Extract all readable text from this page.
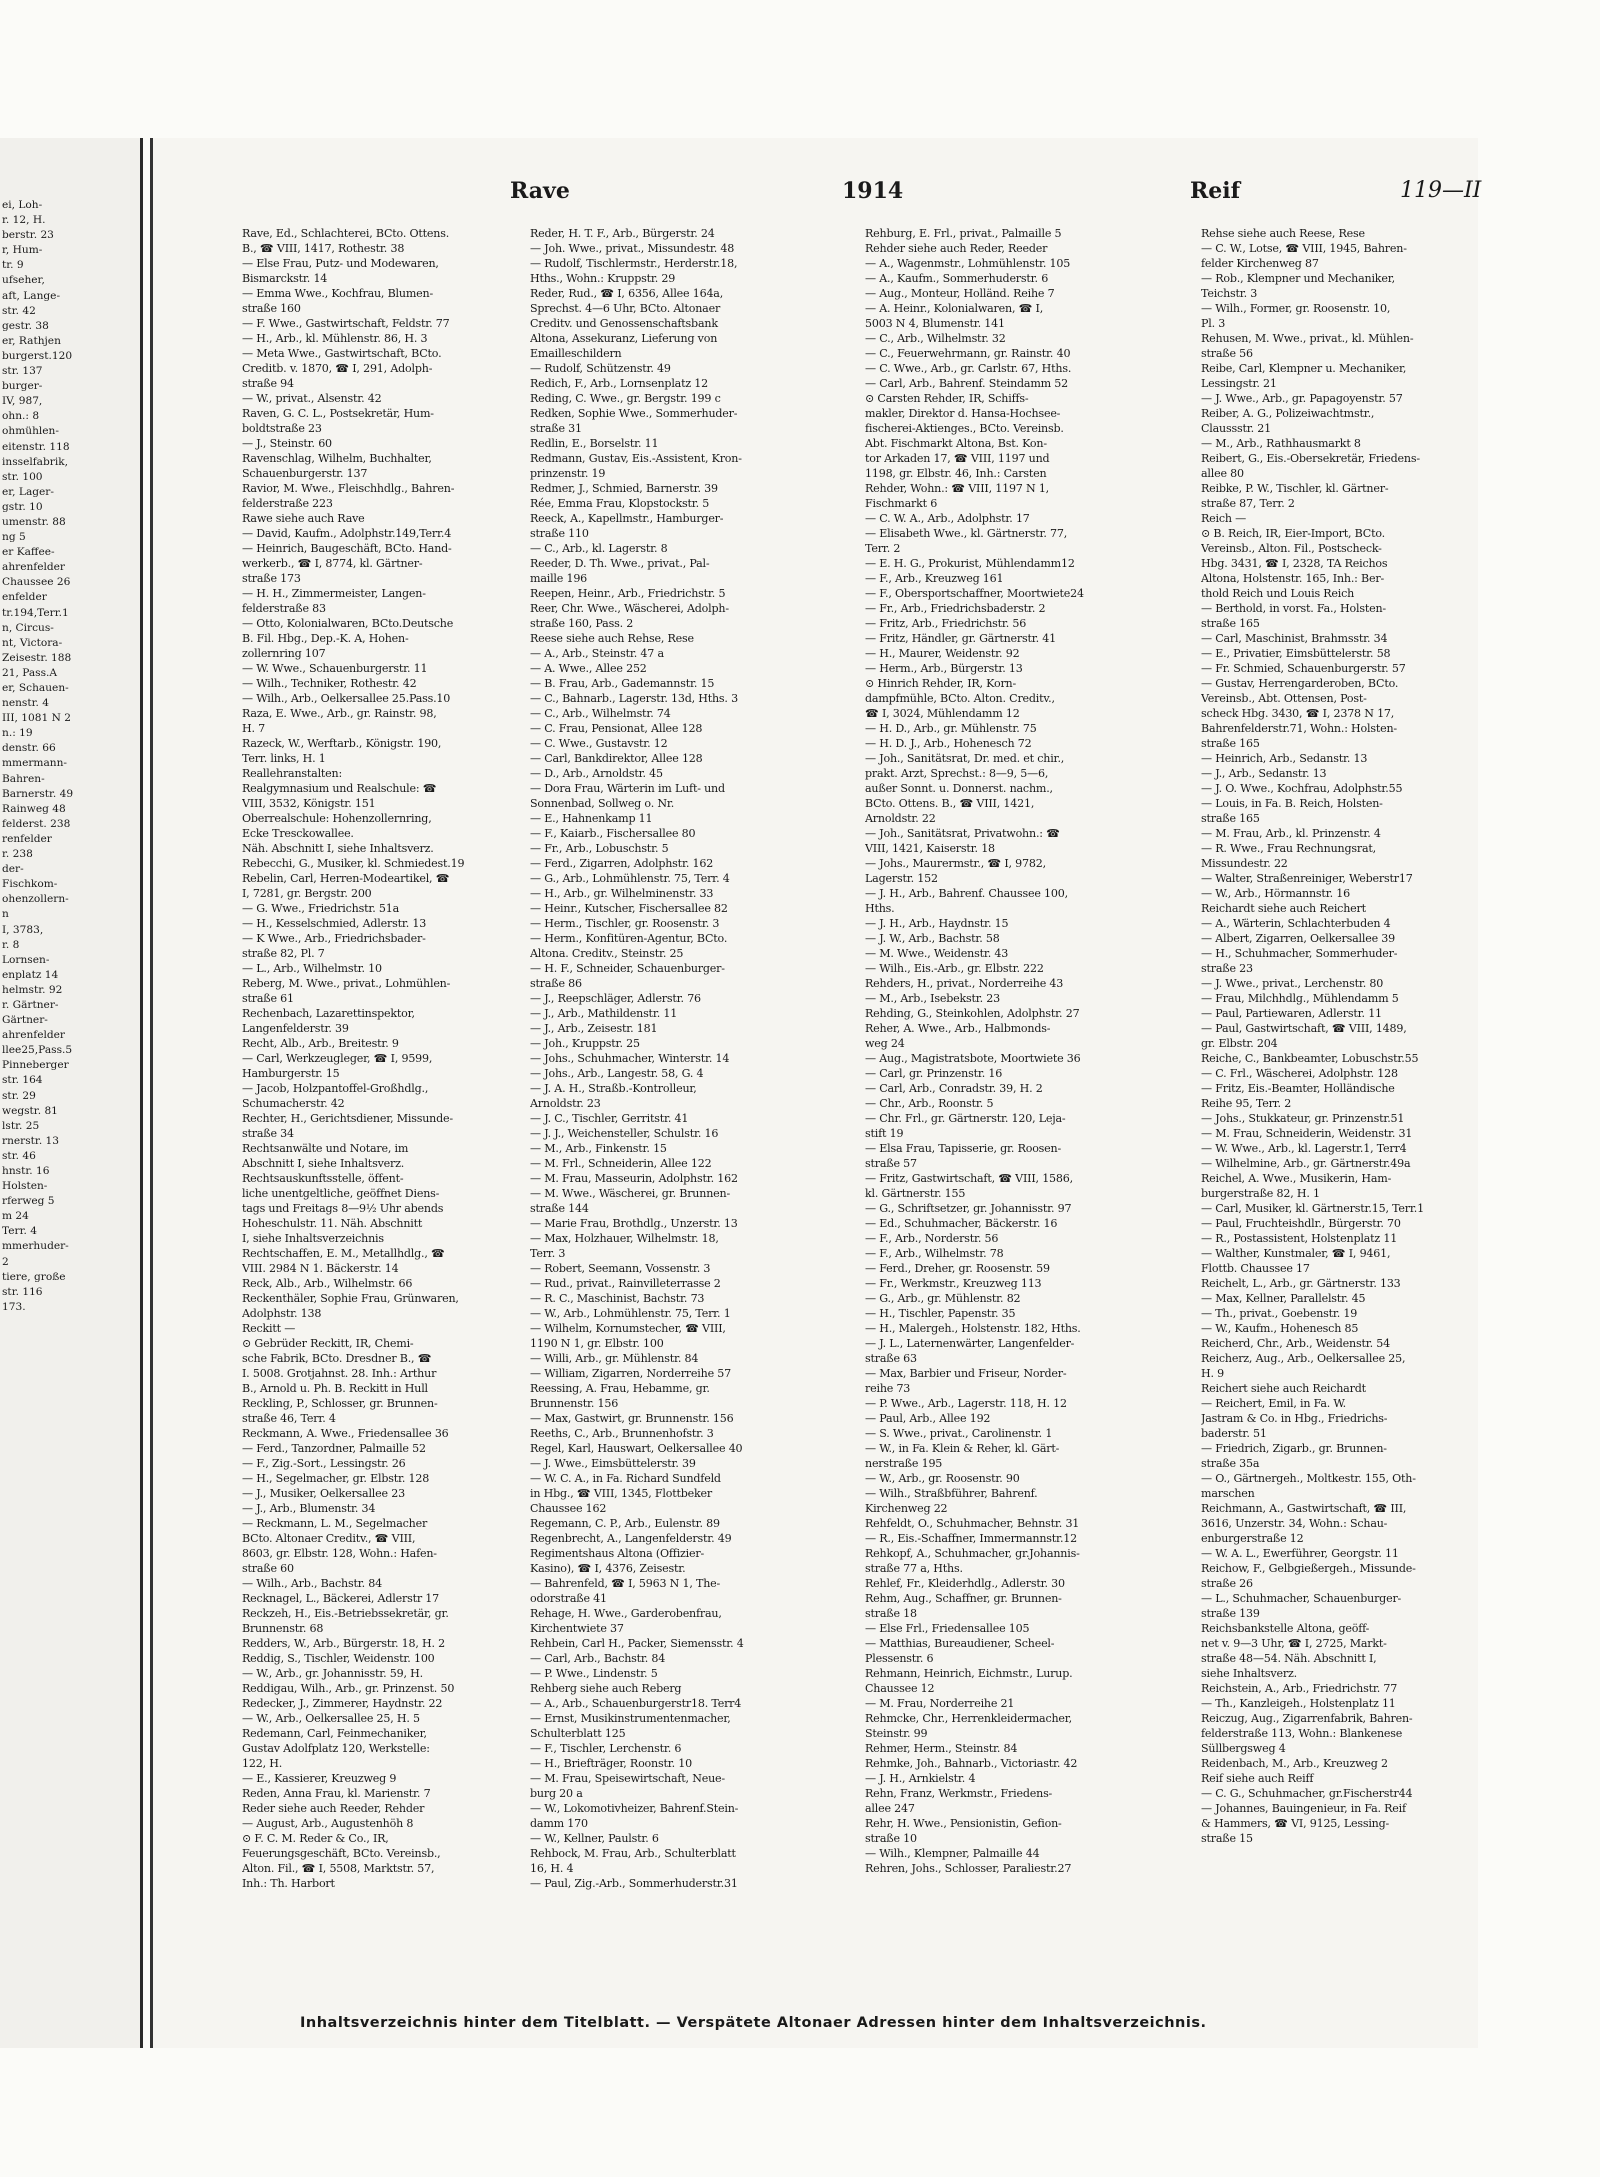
ei, Loh-
r. 12, H.
berstr. 23
r, Hum-
tr. 9
ufseher,
aft, Lange-
str. 42
gestr. 38
er, Rathjen
burgerst.120
str. 137
burger-
IV, 987,
ohn.: 8
ohmühlen-
eitenstr. 118
insselfabrik,
str. 100
er, Lager-
gstr. 10
umenstr. 88
ng 5
er Kaffee-
ahrenfelder
Chaussee 26
enfelder
tr.194,Terr.1
n, Circus-
nt, Victora-
Zeisestr. 188
21, Pass.A
er, Schauen-
nenstr. 4
III, 1081 N 2
n.: 19
denstr. 66
mmermann-
Bahren-
Barnerstr. 49
Rainweg 48
felderst. 238
renfelder
r. 238
der-
Fischkom-
ohenzollern-
n
I, 3783,
r. 8
Lornsen-
enplatz 14
helmstr. 92
r. Gärtner-
Gärtner-
ahrenfelder
llee25,Pass.5
Pinneberger
str. 164
str. 29
wegstr. 81
lstr. 25
rnerstr. 13
str. 46
hnstr. 16
Holsten-
rferweg 5
m 24
Terr. 4
mmerhuder-
2
tiere, große
str. 116
173.
Rave	1914	Reif	119—II
Rave, Ed., Schlachterei, BCto. Ottens.
B., ☎ VIII, 1417, Rothestr. 38
— Else Frau, Putz- und Modewaren,
Bismarckstr. 14
— Emma Wwe., Kochfrau, Blumen-
straße 160
— F. Wwe., Gastwirtschaft, Feldstr. 77
— H., Arb., kl. Mühlenstr. 86, H. 3
— Meta Wwe., Gastwirtschaft, BCto.
Creditb. v. 1870, ☎ I, 291, Adolph-
straße 94
— W., privat., Alsenstr. 42
Raven, G. C. L., Postsekretär, Hum-
boldtstraße 23
— J., Steinstr. 60
Ravenschlag, Wilhelm, Buchhalter,
Schauenburgerstr. 137
Ravior, M. Wwe., Fleischhdlg., Bahren-
felderstraße 223
Rawe siehe auch Rave
— David, Kaufm., Adolphstr.149,Terr.4
— Heinrich, Baugeschäft, BCto. Hand-
werkerb., ☎ I, 8774, kl. Gärtner-
straße 173
— H. H., Zimmermeister, Langen-
felderstraße 83
— Otto, Kolonialwaren, BCto.Deutsche
B. Fil. Hbg., Dep.-K. A, Hohen-
zollernring 107
— W. Wwe., Schauenburgerstr. 11
— Wilh., Techniker, Rothestr. 42
— Wilh., Arb., Oelkersallee 25.Pass.10
Raza, E. Wwe., Arb., gr. Rainstr. 98,
H. 7
Razeck, W., Werftarb., Königstr. 190,
Terr. links, H. 1
Reallehranstalten:
Realgymnasium und Realschule: ☎
VIII, 3532, Königstr. 151
Oberrealschule: Hohenzollernring,
Ecke Tresckowallee.
Näh. Abschnitt I, siehe Inhaltsverz.
Rebecchi, G., Musiker, kl. Schmiedest.19
Rebelin, Carl, Herren-Modeartikel, ☎
I, 7281, gr. Bergstr. 200
— G. Wwe., Friedrichstr. 51a
— H., Kesselschmied, Adlerstr. 13
— K Wwe., Arb., Friedrichsbader-
straße 82, Pl. 7
— L., Arb., Wilhelmstr. 10
Reberg, M. Wwe., privat., Lohmühlen-
straße 61
Rechenbach, Lazarettinspektor,
Langenfelderstr. 39
Recht, Alb., Arb., Breitestr. 9
— Carl, Werkzeugleger, ☎ I, 9599,
Hamburgerstr. 15
— Jacob, Holzpantoffel-Großhdlg.,
Schumacherstr. 42
Rechter, H., Gerichtsdiener, Missunde-
straße 34
Rechtsanwälte und Notare, im
Abschnitt I, siehe Inhaltsverz.
Rechtsauskunftsstelle, öffent-
liche unentgeltliche, geöffnet Diens-
tags und Freitags 8—9½ Uhr abends
Hoheschulstr. 11. Näh. Abschnitt
I, siehe Inhaltsverzeichnis
Rechtschaffen, E. M., Metallhdlg., ☎
VIII. 2984 N 1. Bäckerstr. 14
Reck, Alb., Arb., Wilhelmstr. 66
Reckenthäler, Sophie Frau, Grünwaren,
Adolphstr. 138
Reckitt —
⊙ Gebrüder Reckitt, IR, Chemi-
sche Fabrik, BCto. Dresdner B., ☎
I. 5008. Grotjahnst. 28. Inh.: Arthur
B., Arnold u. Ph. B. Reckitt in Hull
Reckling, P., Schlosser, gr. Brunnen-
straße 46, Terr. 4
Reckmann, A. Wwe., Friedensallee 36
— Ferd., Tanzordner, Palmaille 52
— F., Zig.-Sort., Lessingstr. 26
— H., Segelmacher, gr. Elbstr. 128
— J., Musiker, Oelkersallee 23
— J., Arb., Blumenstr. 34
— Reckmann, L. M., Segelmacher
BCto. Altonaer Creditv., ☎ VIII,
8603, gr. Elbstr. 128, Wohn.: Hafen-
straße 60
— Wilh., Arb., Bachstr. 84
Recknagel, L., Bäckerei, Adlerstr 17
Reckzeh, H., Eis.-Betriebssekretär, gr.
Brunnenstr. 68
Redders, W., Arb., Bürgerstr. 18, H. 2
Reddig, S., Tischler, Weidenstr. 100
— W., Arb., gr. Johannisstr. 59, H.
Reddigau, Wilh., Arb., gr. Prinzenst. 50
Redecker, J., Zimmerer, Haydnstr. 22
— W., Arb., Oelkersallee 25, H. 5
Redemann, Carl, Feinmechaniker,
Gustav Adolfplatz 120, Werkstelle:
122, H.
— E., Kassierer, Kreuzweg 9
Reden, Anna Frau, kl. Marienstr. 7
Reder siehe auch Reeder, Rehder
— August, Arb., Augustenhöh 8
⊙ F. C. M. Reder & Co., IR,
Feuerungsgeschäft, BCto. Vereinsb.,
Alton. Fil., ☎ I, 5508, Marktstr. 57,
Inh.: Th. Harbort
Reder, H. T. F., Arb., Bürgerstr. 24
— Joh. Wwe., privat., Missundestr. 48
— Rudolf, Tischlermstr., Herderstr.18,
Hths., Wohn.: Kruppstr. 29
Reder, Rud., ☎ I, 6356, Allee 164a,
Sprechst. 4—6 Uhr, BCto. Altonaer
Creditv. und Genossenschaftsbank
Altona, Assekuranz, Lieferung von
Emailleschildern
— Rudolf, Schützenstr. 49
Redich, F., Arb., Lornsenplatz 12
Reding, C. Wwe., gr. Bergstr. 199 c
Redken, Sophie Wwe., Sommerhuder-
straße 31
Redlin, E., Borselstr. 11
Redmann, Gustav, Eis.-Assistent, Kron-
prinzenstr. 19
Redmer, J., Schmied, Barnerstr. 39
Rée, Emma Frau, Klopstockstr. 5
Reeck, A., Kapellmstr., Hamburger-
straße 110
— C., Arb., kl. Lagerstr. 8
Reeder, D. Th. Wwe., privat., Pal-
maille 196
Reepen, Heinr., Arb., Friedrichstr. 5
Reer, Chr. Wwe., Wäscherei, Adolph-
straße 160, Pass. 2
Reese siehe auch Rehse, Rese
— A., Arb., Steinstr. 47 a
— A. Wwe., Allee 252
— B. Frau, Arb., Gademannstr. 15
— C., Bahnarb., Lagerstr. 13d, Hths. 3
— C., Arb., Wilhelmstr. 74
— C. Frau, Pensionat, Allee 128
— C. Wwe., Gustavstr. 12
— Carl, Bankdirektor, Allee 128
— D., Arb., Arnoldstr. 45
— Dora Frau, Wärterin im Luft- und
Sonnenbad, Sollweg o. Nr.
— E., Hahnenkamp 11
— F., Kaiarb., Fischersallee 80
— Fr., Arb., Lobuschstr. 5
— Ferd., Zigarren, Adolphstr. 162
— G., Arb., Lohmühlenstr. 75, Terr. 4
— H., Arb., gr. Wilhelminenstr. 33
— Heinr., Kutscher, Fischersallee 82
— Herm., Tischler, gr. Roosenstr. 3
— Herm., Konfitüren-Agentur, BCto.
Altona. Creditv., Steinstr. 25
— H. F., Schneider, Schauenburger-
straße 86
— J., Reepschläger, Adlerstr. 76
— J., Arb., Mathildenstr. 11
— J., Arb., Zeisestr. 181
— Joh., Kruppstr. 25
— Johs., Schuhmacher, Winterstr. 14
— Johs., Arb., Langestr. 58, G. 4
— J. A. H., Straßb.-Kontrolleur,
Arnoldstr. 23
— J. C., Tischler, Gerritstr. 41
— J. J., Weichensteller, Schulstr. 16
— M., Arb., Finkenstr. 15
— M. Frl., Schneiderin, Allee 122
— M. Frau, Masseurin, Adolphstr. 162
— M. Wwe., Wäscherei, gr. Brunnen-
straße 144
— Marie Frau, Brothdlg., Unzerstr. 13
— Max, Holzhauer, Wilhelmstr. 18,
Terr. 3
— Robert, Seemann, Vossenstr. 3
— Rud., privat., Rainvilleterrasse 2
— R. C., Maschinist, Bachstr. 73
— W., Arb., Lohmühlenstr. 75, Terr. 1
— Wilhelm, Kornumstecher, ☎ VIII,
1190 N 1, gr. Elbstr. 100
— Willi, Arb., gr. Mühlenstr. 84
— William, Zigarren, Norderreihe 57
Reessing, A. Frau, Hebamme, gr.
Brunnenstr. 156
— Max, Gastwirt, gr. Brunnenstr. 156
Reeths, C., Arb., Brunnenhofstr. 3
Regel, Karl, Hauswart, Oelkersallee 40
— J. Wwe., Eimsbüttelerstr. 39
— W. C. A., in Fa. Richard Sundfeld
in Hbg., ☎ VIII, 1345, Flottbeker
Chaussee 162
Regemann, C. P., Arb., Eulenstr. 89
Regenbrecht, A., Langenfelderstr. 49
Regimentshaus Altona (Offizier-
Kasino), ☎ I, 4376, Zeisestr.
— Bahrenfeld, ☎ I, 5963 N 1, The-
odorstraße 41
Rehage, H. Wwe., Garderobenfrau,
Kirchentwiete 37
Rehbein, Carl H., Packer, Siemensstr. 4
— Carl, Arb., Bachstr. 84
— P. Wwe., Lindenstr. 5
Rehberg siehe auch Reberg
— A., Arb., Schauenburgerstr18. Terr4
— Ernst, Musikinstrumentenmacher,
Schulterblatt 125
— F., Tischler, Lerchenstr. 6
— H., Briefträger, Roonstr. 10
— M. Frau, Speisewirtschaft, Neue-
burg 20 a
— W., Lokomotivheizer, Bahrenf.Stein-
damm 170
— W., Kellner, Paulstr. 6
Rehbock, M. Frau, Arb., Schulterblatt
16, H. 4
— Paul, Zig.-Arb., Sommerhuderstr.31
Rehburg, E. Frl., privat., Palmaille 5
Rehder siehe auch Reder, Reeder
— A., Wagenmstr., Lohmühlenstr. 105
— A., Kaufm., Sommerhuderstr. 6
— Aug., Monteur, Holländ. Reihe 7
— A. Heinr., Kolonialwaren, ☎ I,
5003 N 4, Blumenstr. 141
— C., Arb., Wilhelmstr. 32
— C., Feuerwehrmann, gr. Rainstr. 40
— C. Wwe., Arb., gr. Carlstr. 67, Hths.
— Carl, Arb., Bahrenf. Steindamm 52
⊙ Carsten Rehder, IR, Schiffs-
makler, Direktor d. Hansa-Hochsee-
fischerei-Aktienges., BCto. Vereinsb.
Abt. Fischmarkt Altona, Bst. Kon-
tor Arkaden 17, ☎ VIII, 1197 und
1198, gr. Elbstr. 46, Inh.: Carsten
Rehder, Wohn.: ☎ VIII, 1197 N 1,
Fischmarkt 6
— C. W. A., Arb., Adolphstr. 17
— Elisabeth Wwe., kl. Gärtnerstr. 77,
Terr. 2
— E. H. G., Prokurist, Mühlendamm12
— F., Arb., Kreuzweg 161
— F., Obersportschaffner, Moortwiete24
— Fr., Arb., Friedrichsbaderstr. 2
— Fritz, Arb., Friedrichstr. 56
— Fritz, Händler, gr. Gärtnerstr. 41
— H., Maurer, Weidenstr. 92
— Herm., Arb., Bürgerstr. 13
⊙ Hinrich Rehder, IR, Korn-
dampfmühle, BCto. Alton. Creditv.,
☎ I, 3024, Mühlendamm 12
— H. D., Arb., gr. Mühlenstr. 75
— H. D. J., Arb., Hohenesch 72
— Joh., Sanitätsrat, Dr. med. et chir.,
prakt. Arzt, Sprechst.: 8—9, 5—6,
außer Sonnt. u. Donnerst. nachm.,
BCto. Ottens. B., ☎ VIII, 1421,
Arnoldstr. 22
— Joh., Sanitätsrat, Privatwohn.: ☎
VIII, 1421, Kaiserstr. 18
— Johs., Maurermstr., ☎ I, 9782,
Lagerstr. 152
— J. H., Arb., Bahrenf. Chaussee 100,
Hths.
— J. H., Arb., Haydnstr. 15
— J. W., Arb., Bachstr. 58
— M. Wwe., Weidenstr. 43
— Wilh., Eis.-Arb., gr. Elbstr. 222
Rehders, H., privat., Norderreihe 43
— M., Arb., Isebekstr. 23
Rehding, G., Steinkohlen, Adolphstr. 27
Reher, A. Wwe., Arb., Halbmonds-
weg 24
— Aug., Magistratsbote, Moortwiete 36
— Carl, gr. Prinzenstr. 16
— Carl, Arb., Conradstr. 39, H. 2
— Chr., Arb., Roonstr. 5
— Chr. Frl., gr. Gärtnerstr. 120, Leja-
stift 19
— Elsa Frau, Tapisserie, gr. Roosen-
straße 57
— Fritz, Gastwirtschaft, ☎ VIII, 1586,
kl. Gärtnerstr. 155
— G., Schriftsetzer, gr. Johannisstr. 97
— Ed., Schuhmacher, Bäckerstr. 16
— F., Arb., Norderstr. 56
— F., Arb., Wilhelmstr. 78
— Ferd., Dreher, gr. Roosenstr. 59
— Fr., Werkmstr., Kreuzweg 113
— G., Arb., gr. Mühlenstr. 82
— H., Tischler, Papenstr. 35
— H., Malergeh., Holstenstr. 182, Hths.
— J. L., Laternenwärter, Langenfelder-
straße 63
— Max, Barbier und Friseur, Norder-
reihe 73
— P. Wwe., Arb., Lagerstr. 118, H. 12
— Paul, Arb., Allee 192
— S. Wwe., privat., Carolinenstr. 1
— W., in Fa. Klein & Reher, kl. Gärt-
nerstraße 195
— W., Arb., gr. Roosenstr. 90
— Wilh., Straßbführer, Bahrenf.
Kirchenweg 22
Rehfeldt, O., Schuhmacher, Behnstr. 31
— R., Eis.-Schaffner, Immermannstr.12
Rehkopf, A., Schuhmacher, gr.Johannis-
straße 77 a, Hths.
Rehlef, Fr., Kleiderhdlg., Adlerstr. 30
Rehm, Aug., Schaffner, gr. Brunnen-
straße 18
— Else Frl., Friedensallee 105
— Matthias, Bureaudiener, Scheel-
Plessenstr. 6
Rehmann, Heinrich, Eichmstr., Lurup.
Chaussee 12
— M. Frau, Norderreihe 21
Rehmcke, Chr., Herrenkleidermacher,
Steinstr. 99
Rehmer, Herm., Steinstr. 84
Rehmke, Joh., Bahnarb., Victoriastr. 42
— J. H., Arnkielstr. 4
Rehn, Franz, Werkmstr., Friedens-
allee 247
Rehr, H. Wwe., Pensionistin, Gefion-
straße 10
— Wilh., Klempner, Palmaille 44
Rehren, Johs., Schlosser, Paraliestr.27
Rehse siehe auch Reese, Rese
— C. W., Lotse, ☎ VIII, 1945, Bahren-
felder Kirchenweg 87
— Rob., Klempner und Mechaniker,
Teichstr. 3
— Wilh., Former, gr. Roosenstr. 10,
Pl. 3
Rehusen, M. Wwe., privat., kl. Mühlen-
straße 56
Reibe, Carl, Klempner u. Mechaniker,
Lessingstr. 21
— J. Wwe., Arb., gr. Papagoyenstr. 57
Reiber, A. G., Polizeiwachtmstr.,
Claussstr. 21
— M., Arb., Rathhausmarkt 8
Reibert, G., Eis.-Obersekretär, Friedens-
allee 80
Reibke, P. W., Tischler, kl. Gärtner-
straße 87, Terr. 2
Reich —
⊙ B. Reich, IR, Eier-Import, BCto.
Vereinsb., Alton. Fil., Postscheck-
Hbg. 3431, ☎ I, 2328, TA Reichos
Altona, Holstenstr. 165, Inh.: Ber-
thold Reich und Louis Reich
— Berthold, in vorst. Fa., Holsten-
straße 165
— Carl, Maschinist, Brahmsstr. 34
— E., Privatier, Eimsbüttelerstr. 58
— Fr. Schmied, Schauenburgerstr. 57
— Gustav, Herrengarderoben, BCto.
Vereinsb., Abt. Ottensen, Post-
scheck Hbg. 3430, ☎ I, 2378 N 17,
Bahrenfelderstr.71, Wohn.: Holsten-
straße 165
— Heinrich, Arb., Sedanstr. 13
— J., Arb., Sedanstr. 13
— J. O. Wwe., Kochfrau, Adolphstr.55
— Louis, in Fa. B. Reich, Holsten-
straße 165
— M. Frau, Arb., kl. Prinzenstr. 4
— R. Wwe., Frau Rechnungsrat,
Missundestr. 22
— Walter, Straßenreiniger, Weberstr17
— W., Arb., Hörmannstr. 16
Reichardt siehe auch Reichert
— A., Wärterin, Schlachterbuden 4
— Albert, Zigarren, Oelkersallee 39
— H., Schuhmacher, Sommerhuder-
straße 23
— J. Wwe., privat., Lerchenstr. 80
— Frau, Milchhdlg., Mühlendamm 5
— Paul, Partiewaren, Adlerstr. 11
— Paul, Gastwirtschaft, ☎ VIII, 1489,
gr. Elbstr. 204
Reiche, C., Bankbeamter, Lobuschstr.55
— C. Frl., Wäscherei, Adolphstr. 128
— Fritz, Eis.-Beamter, Holländische
Reihe 95, Terr. 2
— Johs., Stukkateur, gr. Prinzenstr.51
— M. Frau, Schneiderin, Weidenstr. 31
— W. Wwe., Arb., kl. Lagerstr.1, Terr4
— Wilhelmine, Arb., gr. Gärtnerstr.49a
Reichel, A. Wwe., Musikerin, Ham-
burgerstraße 82, H. 1
— Carl, Musiker, kl. Gärtnerstr.15, Terr.1
— Paul, Fruchteishdlr., Bürgerstr. 70
— R., Postassistent, Holstenplatz 11
— Walther, Kunstmaler, ☎ I, 9461,
Flottb. Chaussee 17
Reichelt, L., Arb., gr. Gärtnerstr. 133
— Max, Kellner, Parallelstr. 45
— Th., privat., Goebenstr. 19
— W., Kaufm., Hohenesch 85
Reicherd, Chr., Arb., Weidenstr. 54
Reicherz, Aug., Arb., Oelkersallee 25,
H. 9
Reichert siehe auch Reichardt
— Reichert, Emil, in Fa. W.
Jastram & Co. in Hbg., Friedrichs-
baderstr. 51
— Friedrich, Zigarb., gr. Brunnen-
straße 35a
— O., Gärtnergeh., Moltkestr. 155, Oth-
marschen
Reichmann, A., Gastwirtschaft, ☎ III,
3616, Unzerstr. 34, Wohn.: Schau-
enburgerstraße 12
— W. A. L., Ewerführer, Georgstr. 11
Reichow, F., Gelbgießergeh., Missunde-
straße 26
— L., Schuhmacher, Schauenburger-
straße 139
Reichsbankstelle Altona, geöff-
net v. 9—3 Uhr, ☎ I, 2725, Markt-
straße 48—54. Näh. Abschnitt I,
siehe Inhaltsverz.
Reichstein, A., Arb., Friedrichstr. 77
— Th., Kanzleigeh., Holstenplatz 11
Reiczug, Aug., Zigarrenfabrik, Bahren-
felderstraße 113, Wohn.: Blankenese
Süllbergsweg 4
Reidenbach, M., Arb., Kreuzweg 2
Reif siehe auch Reiff
— C. G., Schuhmacher, gr.Fischerstr44
— Johannes, Bauingenieur, in Fa. Reif
& Hammers, ☎ VI, 9125, Lessing-
straße 15
Inhaltsverzeichnis hinter dem Titelblatt. — Verspätete Altonaer Adressen hinter dem Inhaltsverzeichnis.
